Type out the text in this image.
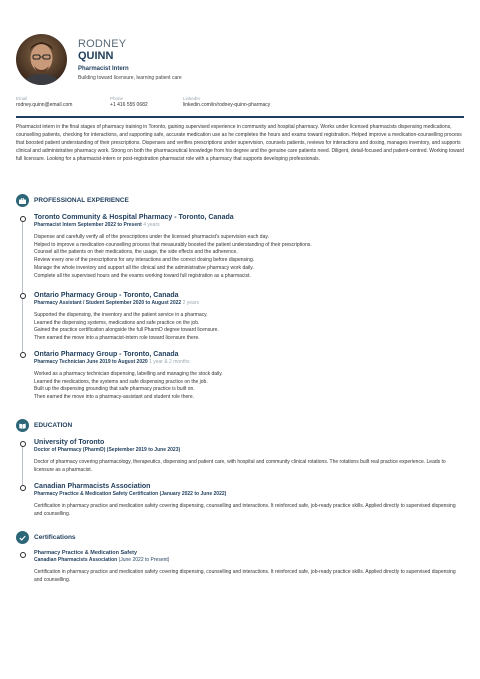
RODNEY
QUINN
Pharmacist Intern
Building toward licensure, learning patient care
Email
rodney.quinn@email.com
Phone
+1 416 555 0682
LinkedIn
linkedin.com/in/rodney-quinn-pharmacy
Pharmacist intern in the final stages of pharmacy training in Toronto, gaining supervised experience in community and hospital pharmacy. Works under licensed pharmacists dispensing medications, counselling patients, checking for interactions, and supporting safe, accurate medication use as he completes the hours and exams toward registration. Helped improve a medication-counselling process that boosted patient understanding of their prescriptions. Dispenses and verifies prescriptions under supervision, counsels patients, reviews for interactions and dosing, manages inventory, and supports clinical and administrative pharmacy work. Strong on both the pharmaceutical knowledge from his degree and the genuine care patients need. Diligent, detail-focused and patient-centred. Working toward full licensure. Looking for a pharmacist-intern or post-registration pharmacist role with a pharmacy that supports developing professionals.
PROFESSIONAL EXPERIENCE
Toronto Community & Hospital Pharmacy - Toronto, Canada
Pharmacist Intern September 2022 to Present 4 years
Dispense and carefully verify all of the prescriptions under the licensed pharmacist's supervision each day.
Helped to improve a medication-counselling process that measurably boosted the patient understanding of their prescriptions.
Counsel all the patients on their medications, the usage, the side effects and the adherence.
Review every one of the prescriptions for any interactions and the correct dosing before dispensing.
Manage the whole inventory and support all the clinical and the administrative pharmacy work daily.
Complete all the supervised hours and the exams working toward full registration as a pharmacist.
Ontario Pharmacy Group - Toronto, Canada
Pharmacy Assistant / Student September 2020 to August 2022 2 years
Supported the dispensing, the inventory and the patient service in a pharmacy.
Learned the dispensing systems, medications and safe practice on the job.
Gained the practice certification alongside the full PharmD degree toward licensure.
Then earned the move into a pharmacist-intern role toward licensure there.
Ontario Pharmacy Group - Toronto, Canada
Pharmacy Technician June 2019 to August 2020 1 year & 2 months
Worked as a pharmacy technician dispensing, labelling and managing the stock daily.
Learned the medications, the systems and safe dispensing practice on the job.
Built up the dispensing grounding that safe pharmacy practice is built on.
Then earned the move into a pharmacy-assistant and student role there.
EDUCATION
University of Toronto
Doctor of Pharmacy (PharmD) (September 2019 to June 2023)
Doctor of pharmacy covering pharmacology, therapeutics, dispensing and patient care, with hospital and community clinical rotations. The rotations built real practice experience. Leads to licensure as a pharmacist.
Canadian Pharmacists Association
Pharmacy Practice & Medication Safety Certification (January 2022 to June 2022)
Certification in pharmacy practice and medication safety covering dispensing, counselling and interactions. It reinforced safe, job-ready practice skills. Applied directly to supervised dispensing and counselling.
Certifications
Pharmacy Practice & Medication Safety
Canadian Pharmacists Association (June 2022 to Present)
Certification in pharmacy practice and medication safety covering dispensing, counselling and interactions. It reinforced safe, job-ready practice skills. Applied directly to supervised dispensing and counselling.
